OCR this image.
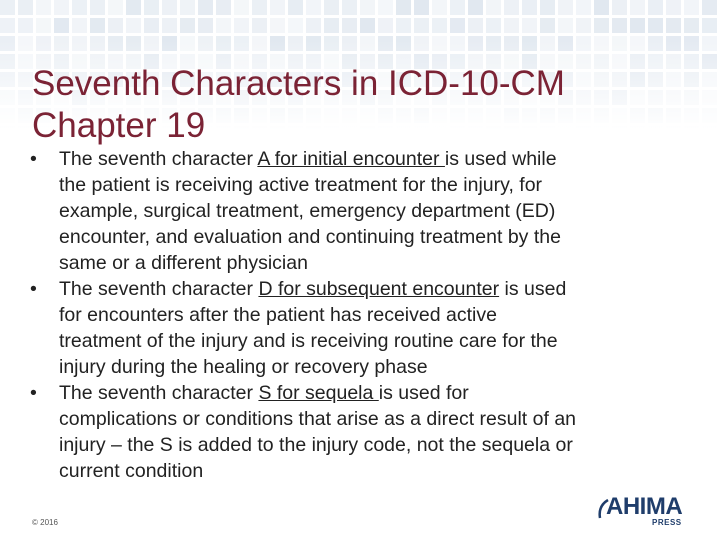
Seventh Characters in ICD-10-CM
Chapter 19
•	The seventh character A for initial encounter is used while
the patient is receiving active treatment for the injury, for
example, surgical treatment, emergency department (ED)
encounter, and evaluation and continuing treatment by the
same or a different physician
•	The seventh character D for subsequent encounter is used
for encounters after the patient has received active
treatment of the injury and is receiving routine care for the
injury during the healing or recovery phase
•	The seventh character S for sequela is used for
complications or conditions that arise as a direct result of an
injury – the S is added to the injury code, not the sequela or
current condition
© 2016
AHIMA
PRESS
